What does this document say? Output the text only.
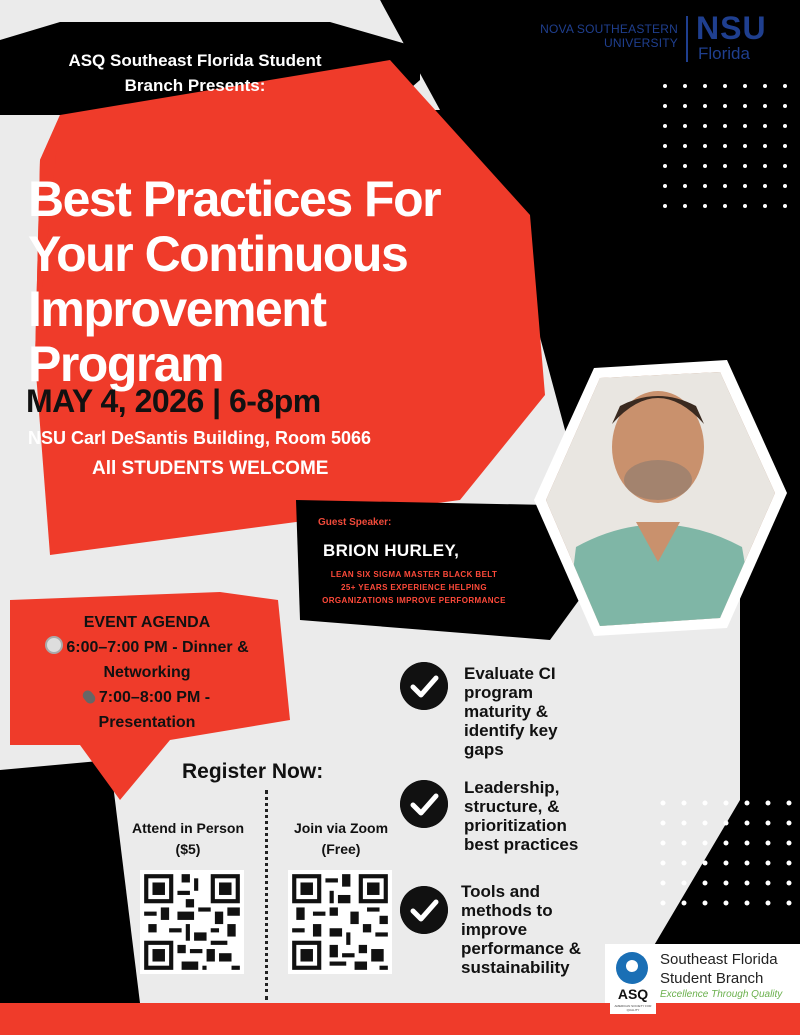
NOVA SOUTHEASTERN
UNIVERSITY NSU
Florida
ASQ Southeast Florida Student Branch Presents:
Best Practices For
Your Continuous
Improvement
Program
MAY 4, 2026 | 6-8pm
NSU Carl DeSantis Building, Room 5066
All STUDENTS WELCOME
Guest Speaker:
BRION HURLEY,
LEAN SIX SIGMA MASTER BLACK BELT
25+ YEARS EXPERIENCE HELPING
ORGANIZATIONS IMPROVE PERFORMANCE
EVENT AGENDA
6:00–7:00 PM - Dinner &
Networking
7:00–8:00 PM -
Presentation
Register Now:
Attend in Person
($5)
Join via Zoom
(Free)
Evaluate CI
program
maturity &
identify key
gaps
Leadership,
structure, &
prioritization
best practices
Tools and
methods to
improve
performance &
sustainability
ASQ
AMERICAN SOCIETY FOR QUALITY
Southeast Florida
Student Branch
Excellence Through Quality
